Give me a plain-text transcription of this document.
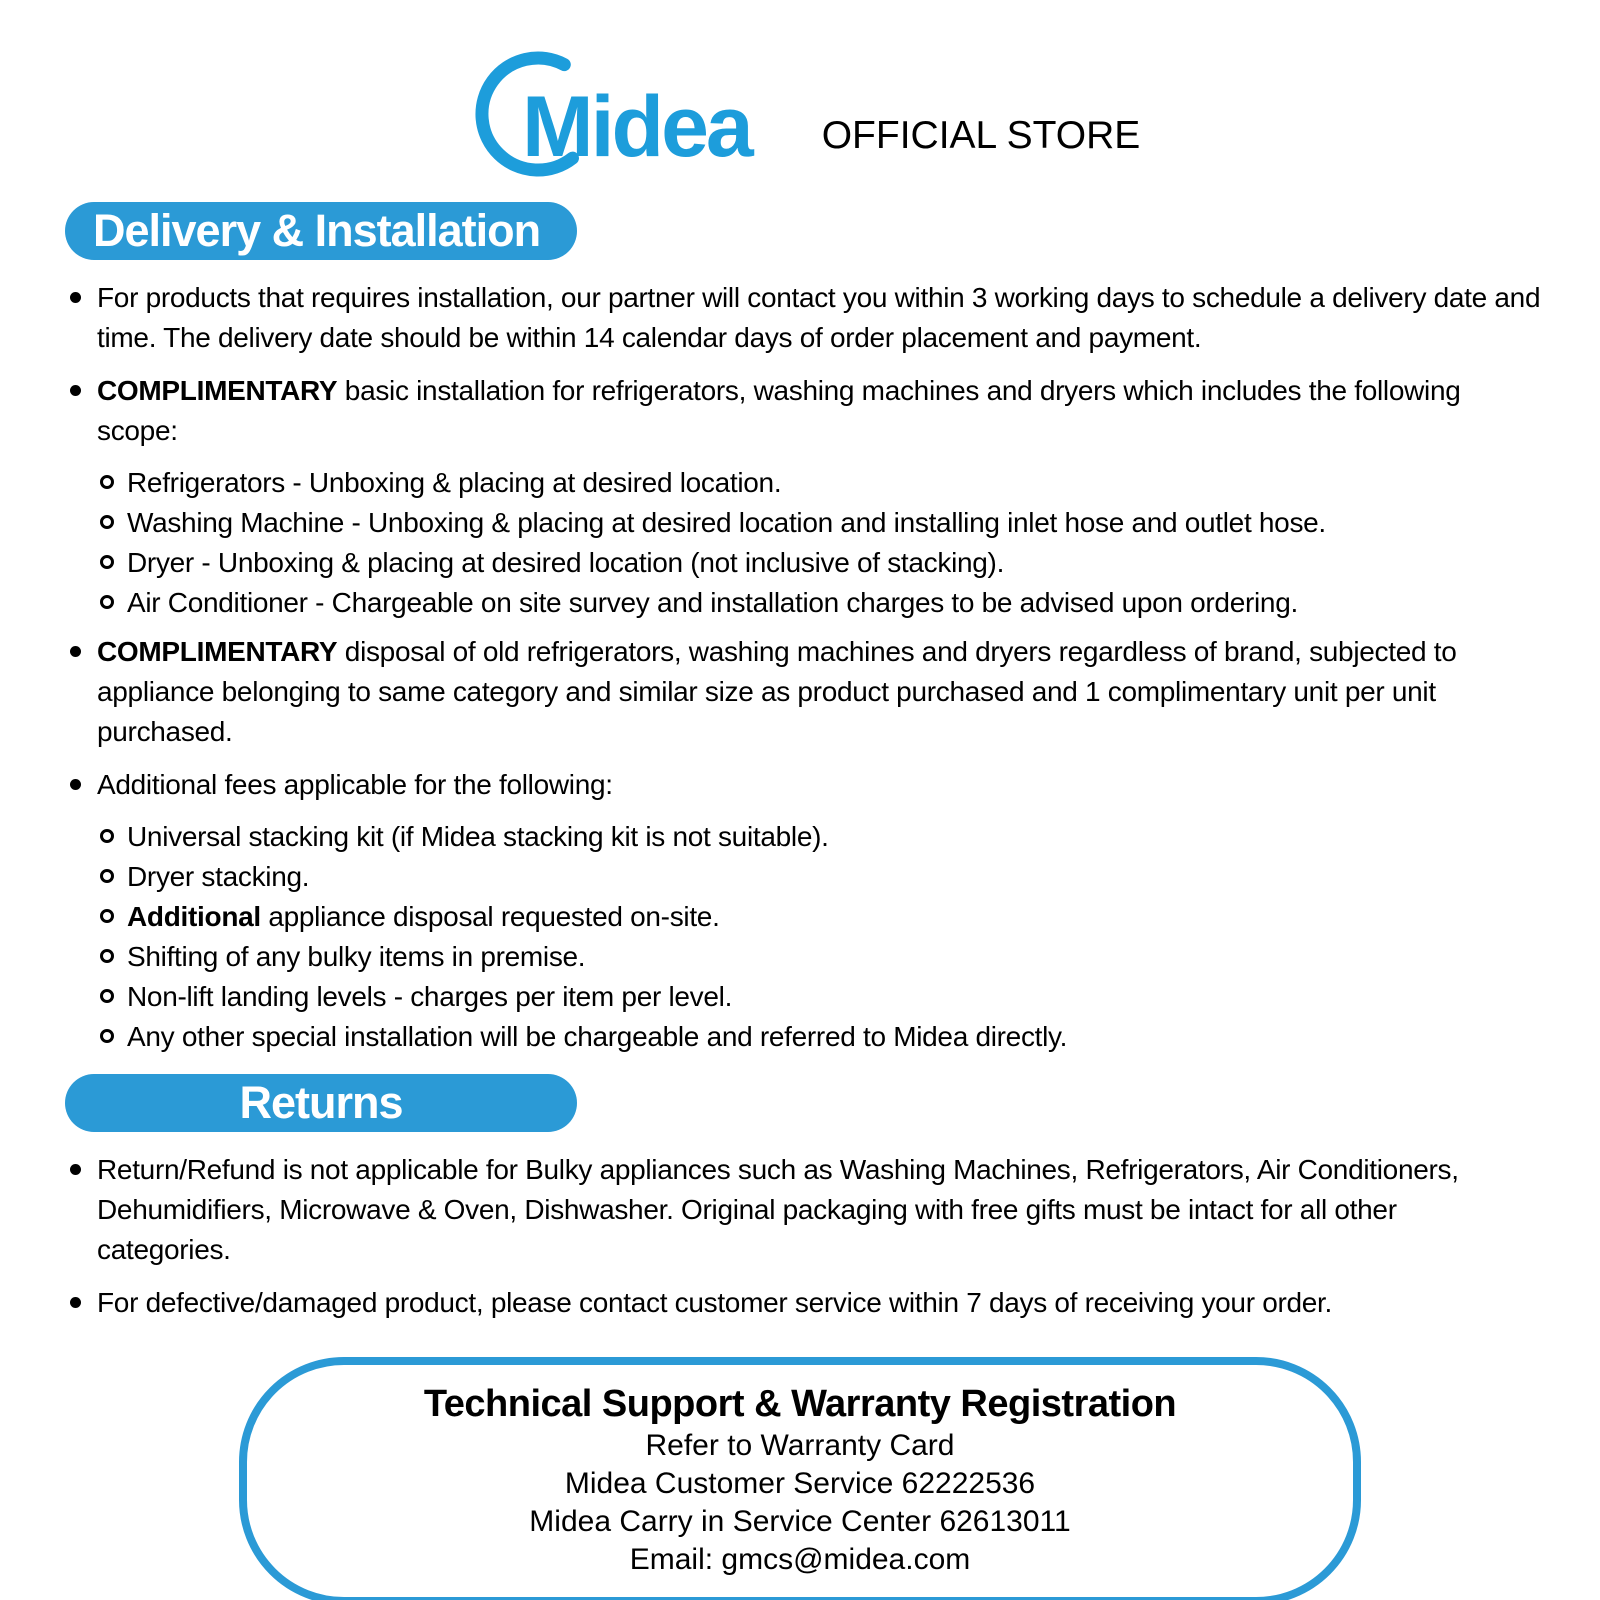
Midea OFFICIAL STORE
Delivery & Installation

For products that requires installation, our partner will contact you within 3 working days to schedule a delivery date and time. The delivery date should be within 14 calendar days of order placement and payment.

COMPLIMENTARY basic installation for refrigerators, washing machines and dryers which includes the following scope:

Refrigerators - Unboxing & placing at desired location.

Washing Machine - Unboxing & placing at desired location and installing inlet hose and outlet hose.

Dryer - Unboxing & placing at desired location (not inclusive of stacking).

Air Conditioner - Chargeable on site survey and installation charges to be advised upon ordering.

COMPLIMENTARY disposal of old refrigerators, washing machines and dryers regardless of brand, subjected to appliance belonging to same category and similar size as product purchased and 1 complimentary unit per unit purchased.

Additional fees applicable for the following:

Universal stacking kit (if Midea stacking kit is not suitable).

Dryer stacking.

Additional appliance disposal requested on-site.

Shifting of any bulky items in premise.

Non-lift landing levels - charges per item per level.

Any other special installation will be chargeable and referred to Midea directly.

Returns

Return/Refund is not applicable for Bulky appliances such as Washing Machines, Refrigerators, Air Conditioners, Dehumidifiers, Microwave & Oven, Dishwasher. Original packaging with free gifts must be intact for all other categories.

For defective/damaged product, please contact customer service within 7 days of receiving your order.

Technical Support & Warranty Registration
Refer to Warranty Card
Midea Customer Service 62222536
Midea Carry in Service Center 62613011
Email: gmcs@midea.com
